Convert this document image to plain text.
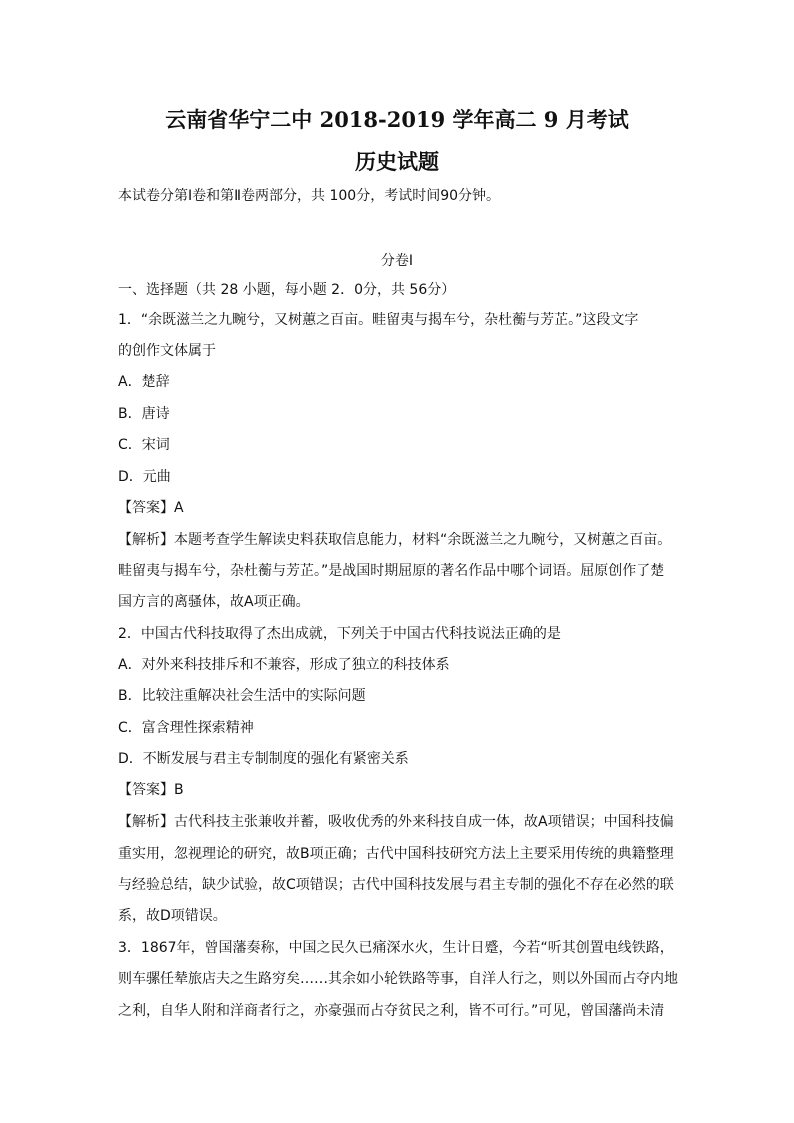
云南省华宁二中 2018-2019 学年高二 9 月考试
历史试题
本试卷分第Ⅰ卷和第Ⅱ卷两部分，共 100分，考试时间90分钟。
分卷I
一、选择题（共 28 小题，每小题 2．0分，共 56分）
1．“余既滋兰之九畹兮，又树蕙之百亩。畦留夷与揭车兮，杂杜蘅与芳芷。”这段文字
的创作文体属于
A．楚辞
B．唐诗
C．宋词
D．元曲
【答案】A
【解析】本题考查学生解读史料获取信息能力，材料“余既滋兰之九畹兮，又树蕙之百亩。
畦留夷与揭车兮，杂杜蘅与芳芷。”是战国时期屈原的著名作品中哪个词语。屈原创作了楚
国方言的离骚体，故A项正确。
2．中国古代科技取得了杰出成就，下列关于中国古代科技说法正确的是
A．对外来科技排斥和不兼容，形成了独立的科技体系
B．比较注重解决社会生活中的实际问题
C．富含理性探索精神
D．不断发展与君主专制制度的强化有紧密关系
【答案】B
【解析】古代科技主张兼收并蓄，吸收优秀的外来科技自成一体，故A项错误；中国科技偏
重实用，忽视理论的研究，故B项正确；古代中国科技研究方法上主要采用传统的典籍整理
与经验总结，缺少试验，故C项错误；古代中国科技发展与君主专制的强化不存在必然的联
系，故D项错误。
3．1867年，曾国藩奏称，中国之民久已痛深水火，生计日蹙，今若“听其创置电线铁路，
则车骡任辇旅店夫之生路穷矣……其余如小轮铁路等事，自洋人行之，则以外国而占夺内地
之利，自华人附和洋商者行之，亦豪强而占夺贫民之利，皆不可行。”可见，曾国藩尚未清
